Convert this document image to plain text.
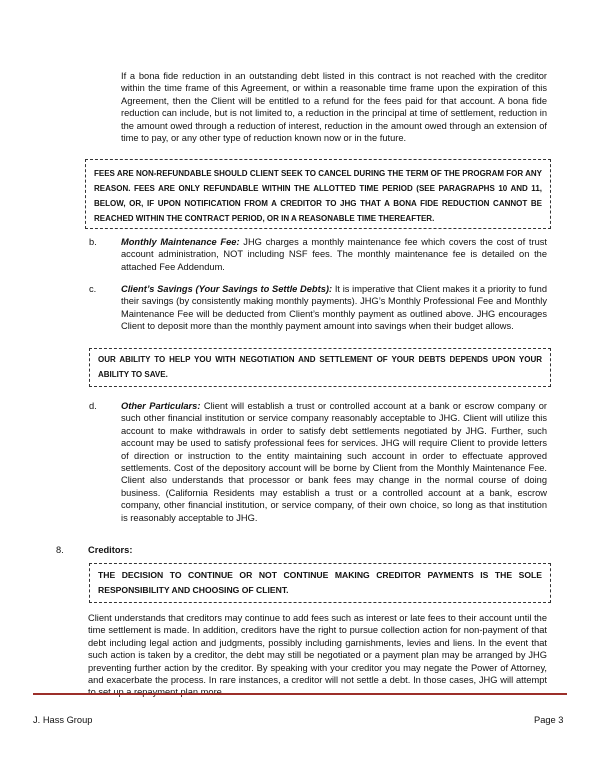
If a bona fide reduction in an outstanding debt listed in this contract is not reached with the creditor within the time frame of this Agreement, or within a reasonable time frame upon the expiration of this Agreement, then the Client will be entitled to a refund for the fees paid for that account. A bona fide reduction can include, but is not limited to, a reduction in the principal at time of settlement, reduction in the amount owed through a reduction of interest, reduction in the amount owed through an extension of time to pay, or any other type of reduction known now or in the future.

FEES ARE NON-REFUNDABLE SHOULD CLIENT SEEK TO CANCEL DURING THE TERM OF THE PROGRAM FOR ANY REASON. FEES ARE ONLY REFUNDABLE WITHIN THE ALLOTTED TIME PERIOD (SEE PARAGRAPHS 10 AND 11, BELOW, OR, IF UPON NOTIFICATION FROM A CREDITOR TO JHG THAT A BONA FIDE REDUCTION CANNOT BE REACHED WITHIN THE CONTRACT PERIOD, OR IN A REASONABLE TIME THEREAFTER.
b.	Monthly Maintenance Fee: JHG charges a monthly maintenance fee which covers the cost of trust account administration, NOT including NSF fees. The monthly maintenance fee is detailed on the attached Fee Addendum.

c.	Client’s Savings (Your Savings to Settle Debts): It is imperative that Client makes it a priority to fund their savings (by consistently making monthly payments). JHG’s Monthly Professional Fee and Monthly Maintenance Fee will be deducted from Client’s monthly payment as outlined above. JHG encourages Client to deposit more than the monthly payment amount into savings when their budget allows.

OUR ABILITY TO HELP YOU WITH NEGOTIATION AND SETTLEMENT OF YOUR DEBTS DEPENDS UPON YOUR ABILITY TO SAVE.
d.	Other Particulars: Client will establish a trust or controlled account at a bank or escrow company or such other financial institution or service company reasonably acceptable to JHG. Client will utilize this account to make withdrawals in order to satisfy debt settlements negotiated by JHG. Further, such account may be used to satisfy professional fees for services. JHG will require Client to provide letters of direction or instruction to the entity maintaining such account in order to effectuate approved settlements. Cost of the depository account will be borne by Client from the Monthly Maintenance Fee. Client also understands that processor or bank fees may change in the normal course of doing business. (California Residents may establish a trust or a controlled account at a bank, escrow company, other financial institution, or service company, of their own choice, so long as that institution is reasonably acceptable to JHG.

8.	Creditors:
THE DECISION TO CONTINUE OR NOT CONTINUE MAKING CREDITOR PAYMENTS IS THE SOLE RESPONSIBILITY AND CHOOSING OF CLIENT.

Client understands that creditors may continue to add fees such as interest or late fees to their account until the time settlement is made. In addition, creditors have the right to pursue collection action for non-payment of that debt including legal action and judgments, possibly including garnishments, levies and liens. In the event that such action is taken by a creditor, the debt may still be negotiated or a payment plan may be arranged by JHG preventing further action by the creditor. By speaking with your creditor you may negate the Power of Attorney, and exacerbate the process. In rare instances, a creditor will not settle a debt. In those cases, JHG will attempt

J. Hass Group	Page 3
